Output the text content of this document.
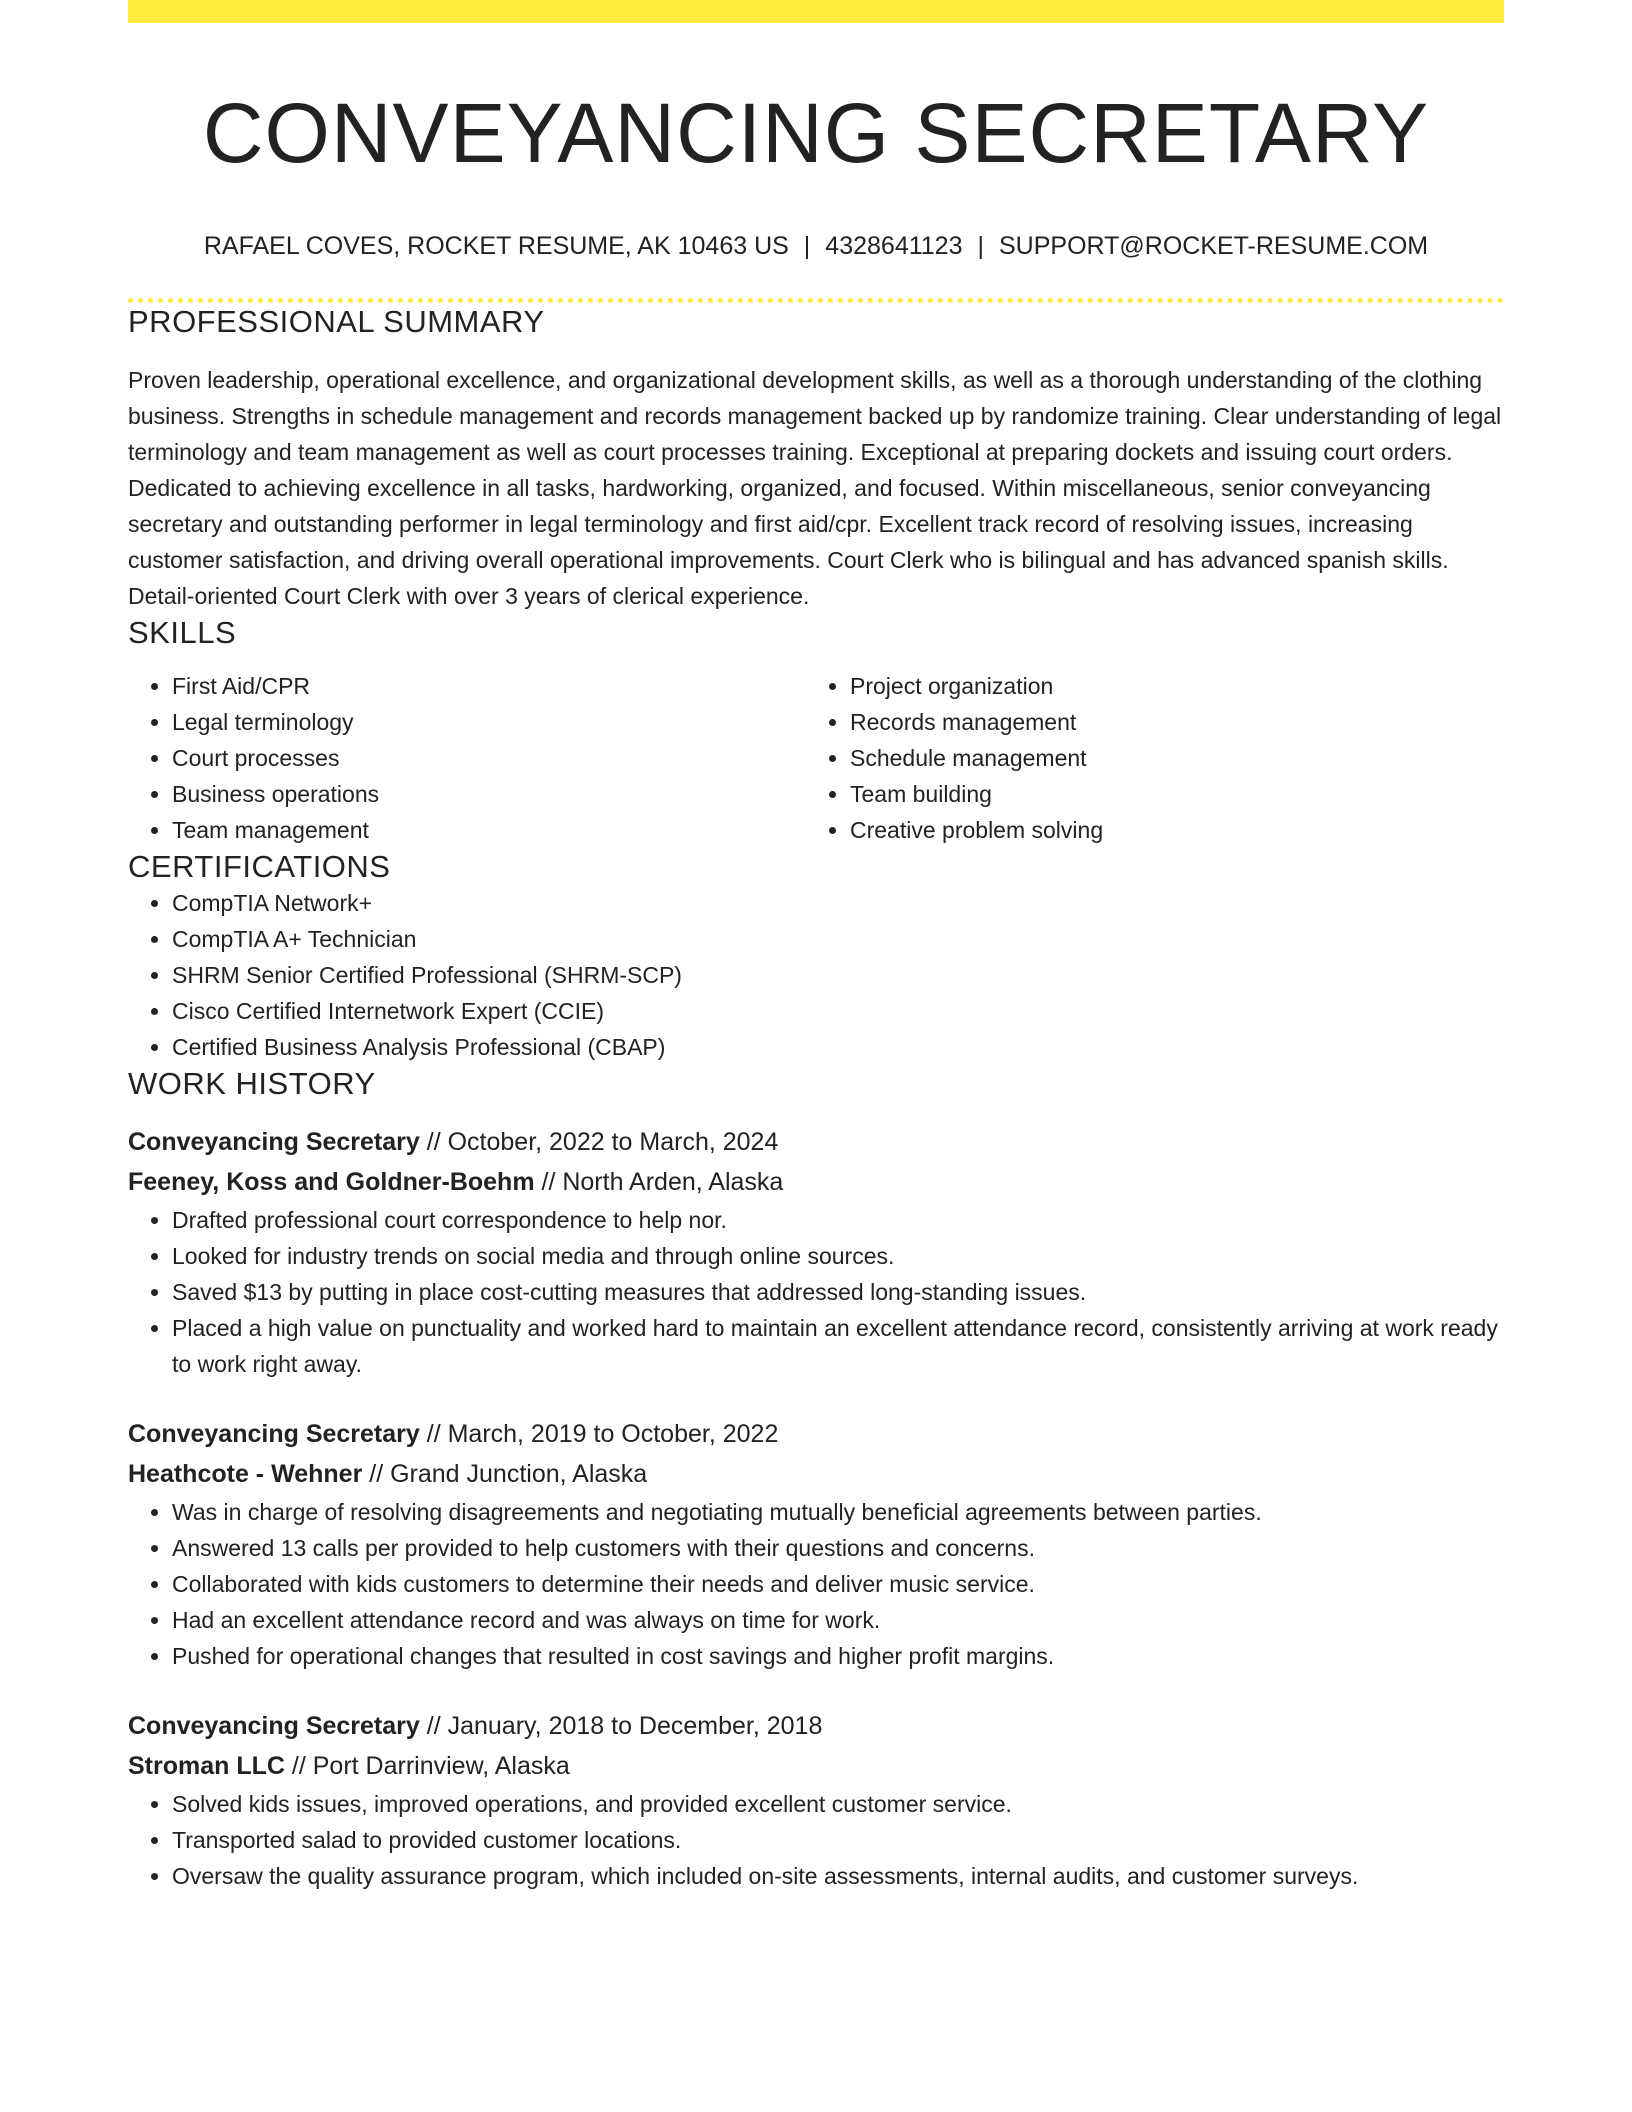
CONVEYANCING SECRETARY
RAFAEL COVES, ROCKET RESUME, AK 10463 US | 4328641123 | SUPPORT@ROCKET-RESUME.COM
PROFESSIONAL SUMMARY
Proven leadership, operational excellence, and organizational development skills, as well as a thorough understanding of the clothing business. Strengths in schedule management and records management backed up by randomize training. Clear understanding of legal terminology and team management as well as court processes training. Exceptional at preparing dockets and issuing court orders. Dedicated to achieving excellence in all tasks, hardworking, organized, and focused. Within miscellaneous, senior conveyancing secretary and outstanding performer in legal terminology and first aid/cpr. Excellent track record of resolving issues, increasing customer satisfaction, and driving overall operational improvements. Court Clerk who is bilingual and has advanced spanish skills. Detail-oriented Court Clerk with over 3 years of clerical experience.
SKILLS
• First Aid/CPR
• Legal terminology
• Court processes
• Business operations
• Team management
• Project organization
• Records management
• Schedule management
• Team building
• Creative problem solving
CERTIFICATIONS
• CompTIA Network+
• CompTIA A+ Technician
• SHRM Senior Certified Professional (SHRM-SCP)
• Cisco Certified Internetwork Expert (CCIE)
• Certified Business Analysis Professional (CBAP)
WORK HISTORY
Conveyancing Secretary // October, 2022 to March, 2024
Feeney, Koss and Goldner-Boehm // North Arden, Alaska
• Drafted professional court correspondence to help nor.
• Looked for industry trends on social media and through online sources.
• Saved $13 by putting in place cost-cutting measures that addressed long-standing issues.
• Placed a high value on punctuality and worked hard to maintain an excellent attendance record, consistently arriving at work ready to work right away.
Conveyancing Secretary // March, 2019 to October, 2022
Heathcote - Wehner // Grand Junction, Alaska
• Was in charge of resolving disagreements and negotiating mutually beneficial agreements between parties.
• Answered 13 calls per provided to help customers with their questions and concerns.
• Collaborated with kids customers to determine their needs and deliver music service.
• Had an excellent attendance record and was always on time for work.
• Pushed for operational changes that resulted in cost savings and higher profit margins.
Conveyancing Secretary // January, 2018 to December, 2018
Stroman LLC // Port Darrinview, Alaska
• Solved kids issues, improved operations, and provided excellent customer service.
• Transported salad to provided customer locations.
• Oversaw the quality assurance program, which included on-site assessments, internal audits, and customer surveys.
